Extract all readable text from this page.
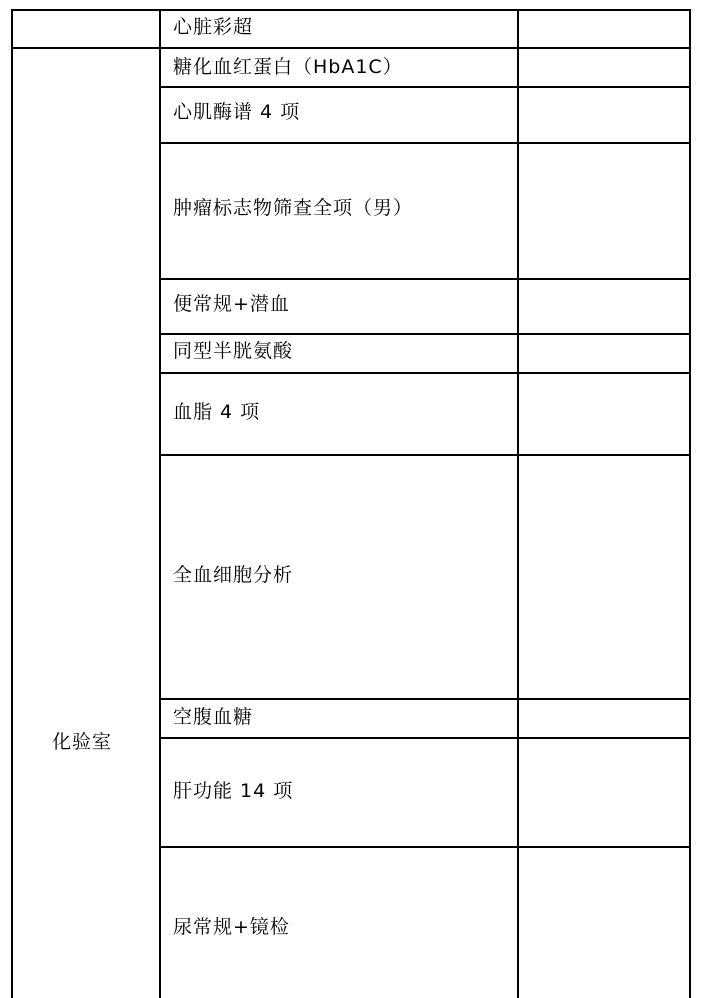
化验室
心脏彩超
糖化血红蛋白（HbA1C）
心肌酶谱 4 项
肿瘤标志物筛查全项（男）
便常规+潜血
同型半胱氨酸
血脂 4 项
全血细胞分析
空腹血糖
肝功能 14 项
尿常规+镜检
